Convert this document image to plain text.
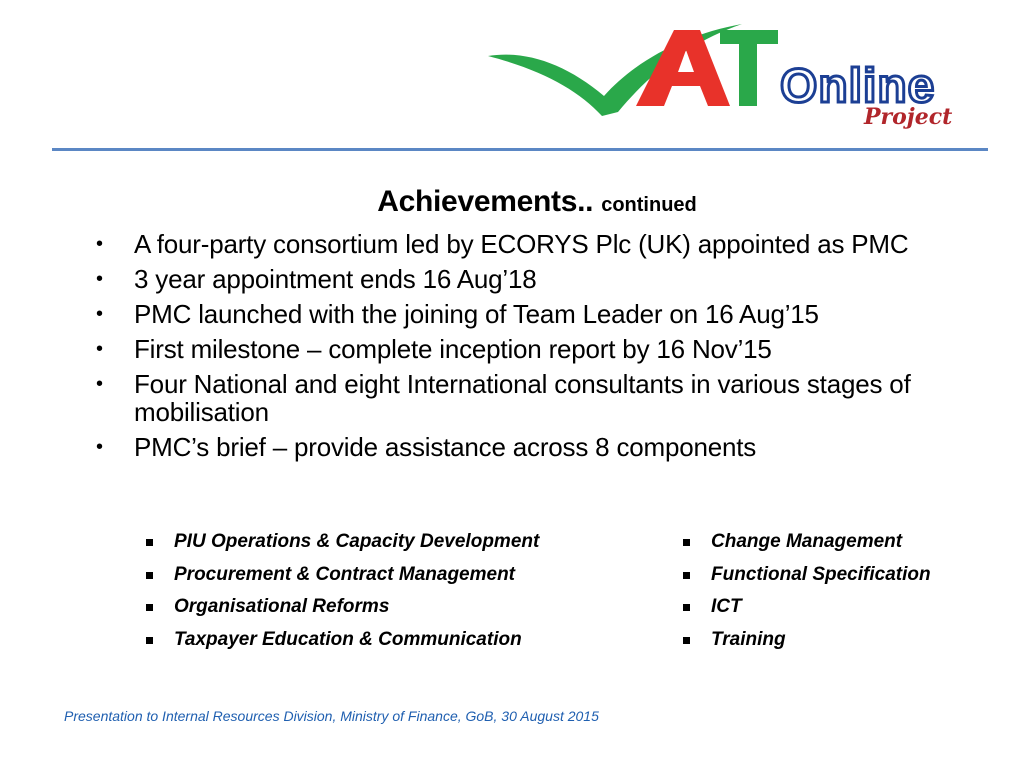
Online
Project
Achievements.. continued
• A four-party consortium led by ECORYS Plc (UK) appointed as PMC
• 3 year appointment ends 16 Aug’18
• PMC launched with the joining of Team Leader on 16 Aug’15
• First milestone – complete inception report by 16 Nov’15
• Four National and eight International consultants in various stages of mobilisation
• PMC’s brief – provide assistance across 8 components
PIU Operations & Capacity Development
Procurement & Contract Management
Organisational Reforms
Taxpayer Education & Communication
Change Management
Functional Specification
ICT
Training
Presentation to Internal Resources Division, Ministry of Finance, GoB, 30 August 2015
